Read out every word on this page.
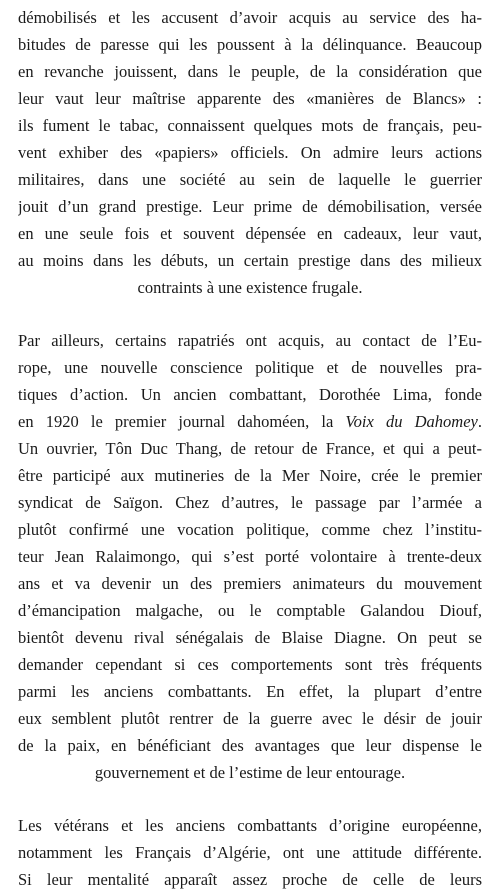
démobilisés et les accusent d’avoir acquis au service des ha-
bitudes de paresse qui les poussent à la délinquance. Beaucoup
en revanche jouissent, dans le peuple, de la considération que
leur vaut leur maîtrise apparente des «manières de Blancs» :
ils fument le tabac, connaissent quelques mots de français, peu-
vent exhiber des «papiers» officiels. On admire leurs actions
militaires, dans une société au sein de laquelle le guerrier
jouit d’un grand prestige. Leur prime de démobilisation, versée
en une seule fois et souvent dépensée en cadeaux, leur vaut,
au moins dans les débuts, un certain prestige dans des milieux
contraints à une existence frugale.
Par ailleurs, certains rapatriés ont acquis, au contact de l’Eu-
rope, une nouvelle conscience politique et de nouvelles pra-
tiques d’action. Un ancien combattant, Dorothée Lima, fonde
en 1920 le premier journal dahoméen, la Voix du Dahomey.
Un ouvrier, Tôn Duc Thang, de retour de France, et qui a peut-
être participé aux mutineries de la Mer Noire, crée le premier
syndicat de Saïgon. Chez d’autres, le passage par l’armée a
plutôt confirmé une vocation politique, comme chez l’institu-
teur Jean Ralaimongo, qui s’est porté volontaire à trente-deux
ans et va devenir un des premiers animateurs du mouvement
d’émancipation malgache, ou le comptable Galandou Diouf,
bientôt devenu rival sénégalais de Blaise Diagne. On peut se
demander cependant si ces comportements sont très fréquents
parmi les anciens combattants. En effet, la plupart d’entre
eux semblent plutôt rentrer de la guerre avec le désir de jouir
de la paix, en bénéficiant des avantages que leur dispense le
gouvernement et de l’estime de leur entourage.
Les vétérans et les anciens combattants d’origine européenne,
notamment les Français d’Algérie, ont une attitude différente.
Si leur mentalité apparaît assez proche de celle de leurs
